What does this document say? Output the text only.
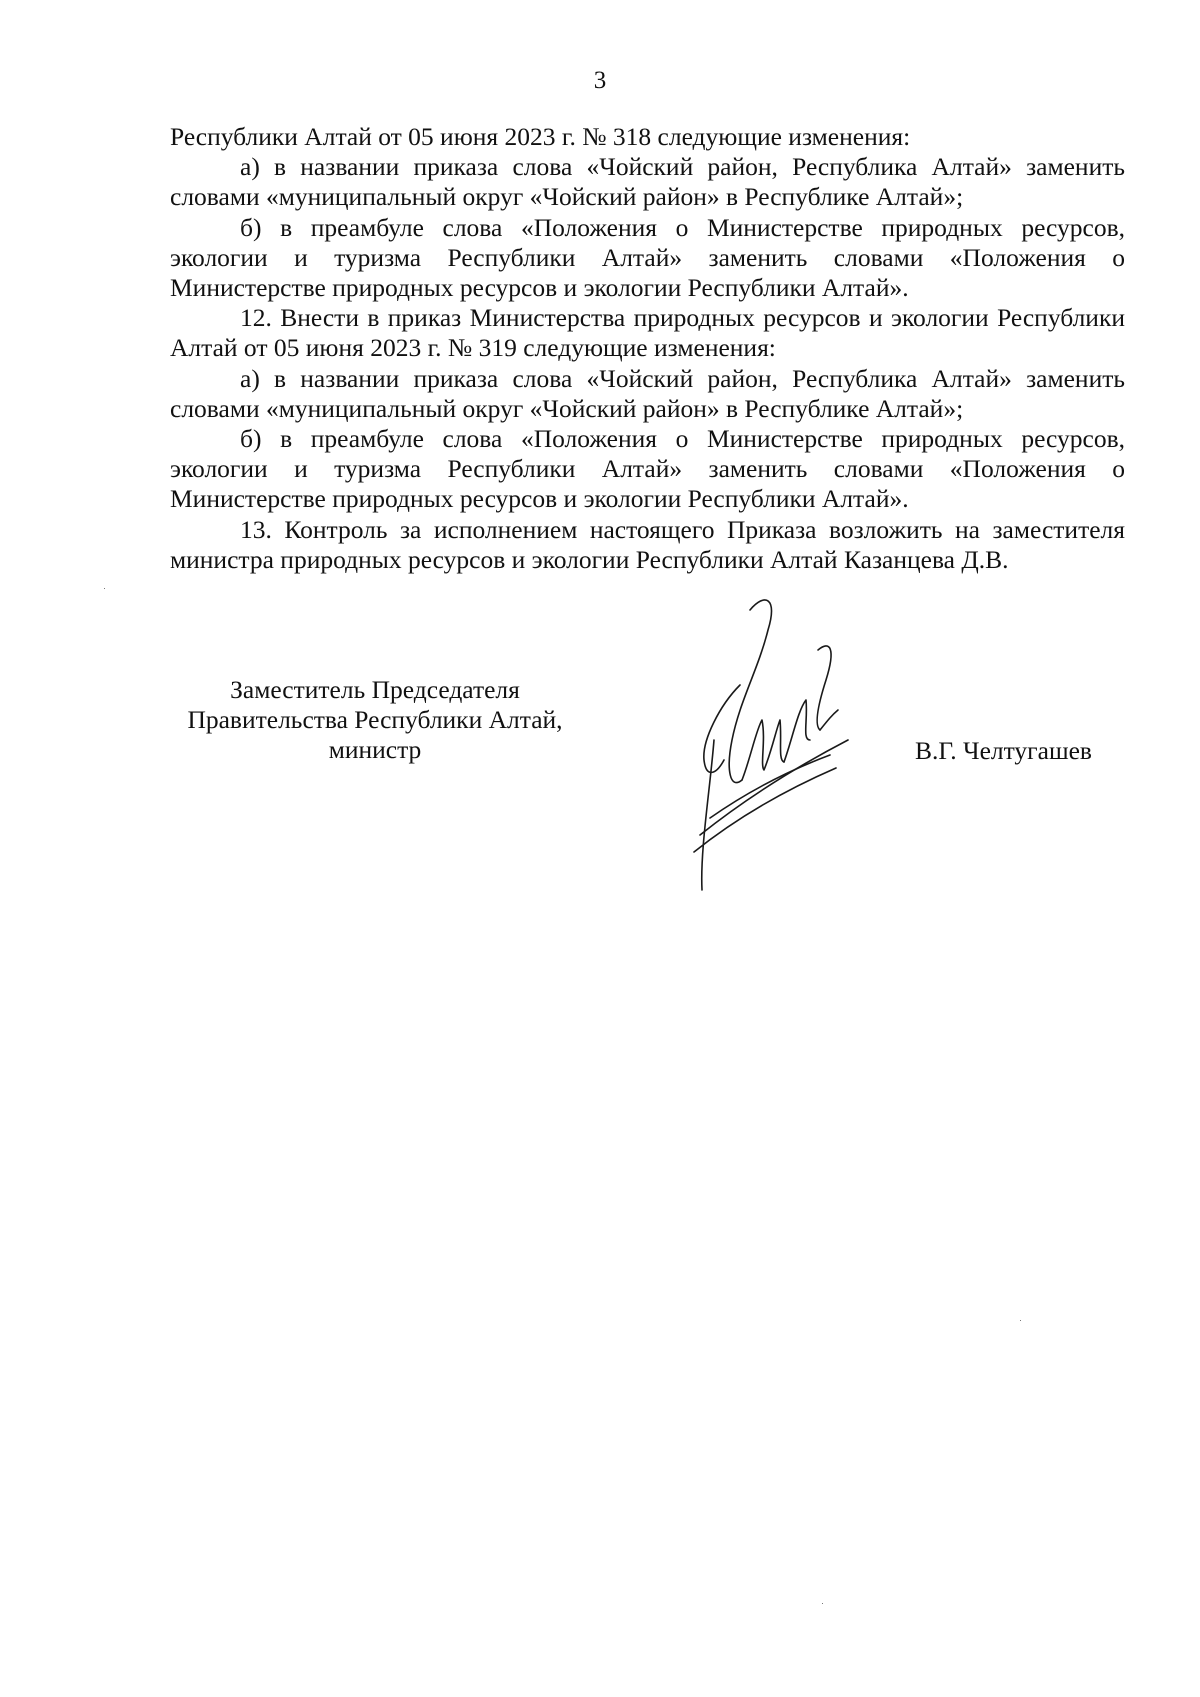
3

Республики Алтай от 05 июня 2023 г. № 318 следующие изменения:

а) в названии приказа слова «Чойский район, Республика Алтай» заменить словами «муниципальный округ «Чойский район» в Республике Алтай»;

б) в преамбуле слова «Положения о Министерстве природных ресурсов, экологии и туризма Республики Алтай» заменить словами «Положения о Министерстве природных ресурсов и экологии Республики Алтай».

12. Внести в приказ Министерства природных ресурсов и экологии Республики Алтай от 05 июня 2023 г. № 319 следующие изменения:

а) в названии приказа слова «Чойский район, Республика Алтай» заменить словами «муниципальный округ «Чойский район» в Республике Алтай»;

б) в преамбуле слова «Положения о Министерстве природных ресурсов, экологии и туризма Республики Алтай» заменить словами «Положения о Министерстве природных ресурсов и экологии Республики Алтай».

13. Контроль за исполнением настоящего Приказа возложить на заместителя министра природных ресурсов и экологии Республики Алтай Казанцева Д.В.

Заместитель Председателя
Правительства Республики Алтай,
министр	В.Г. Челтугашев
